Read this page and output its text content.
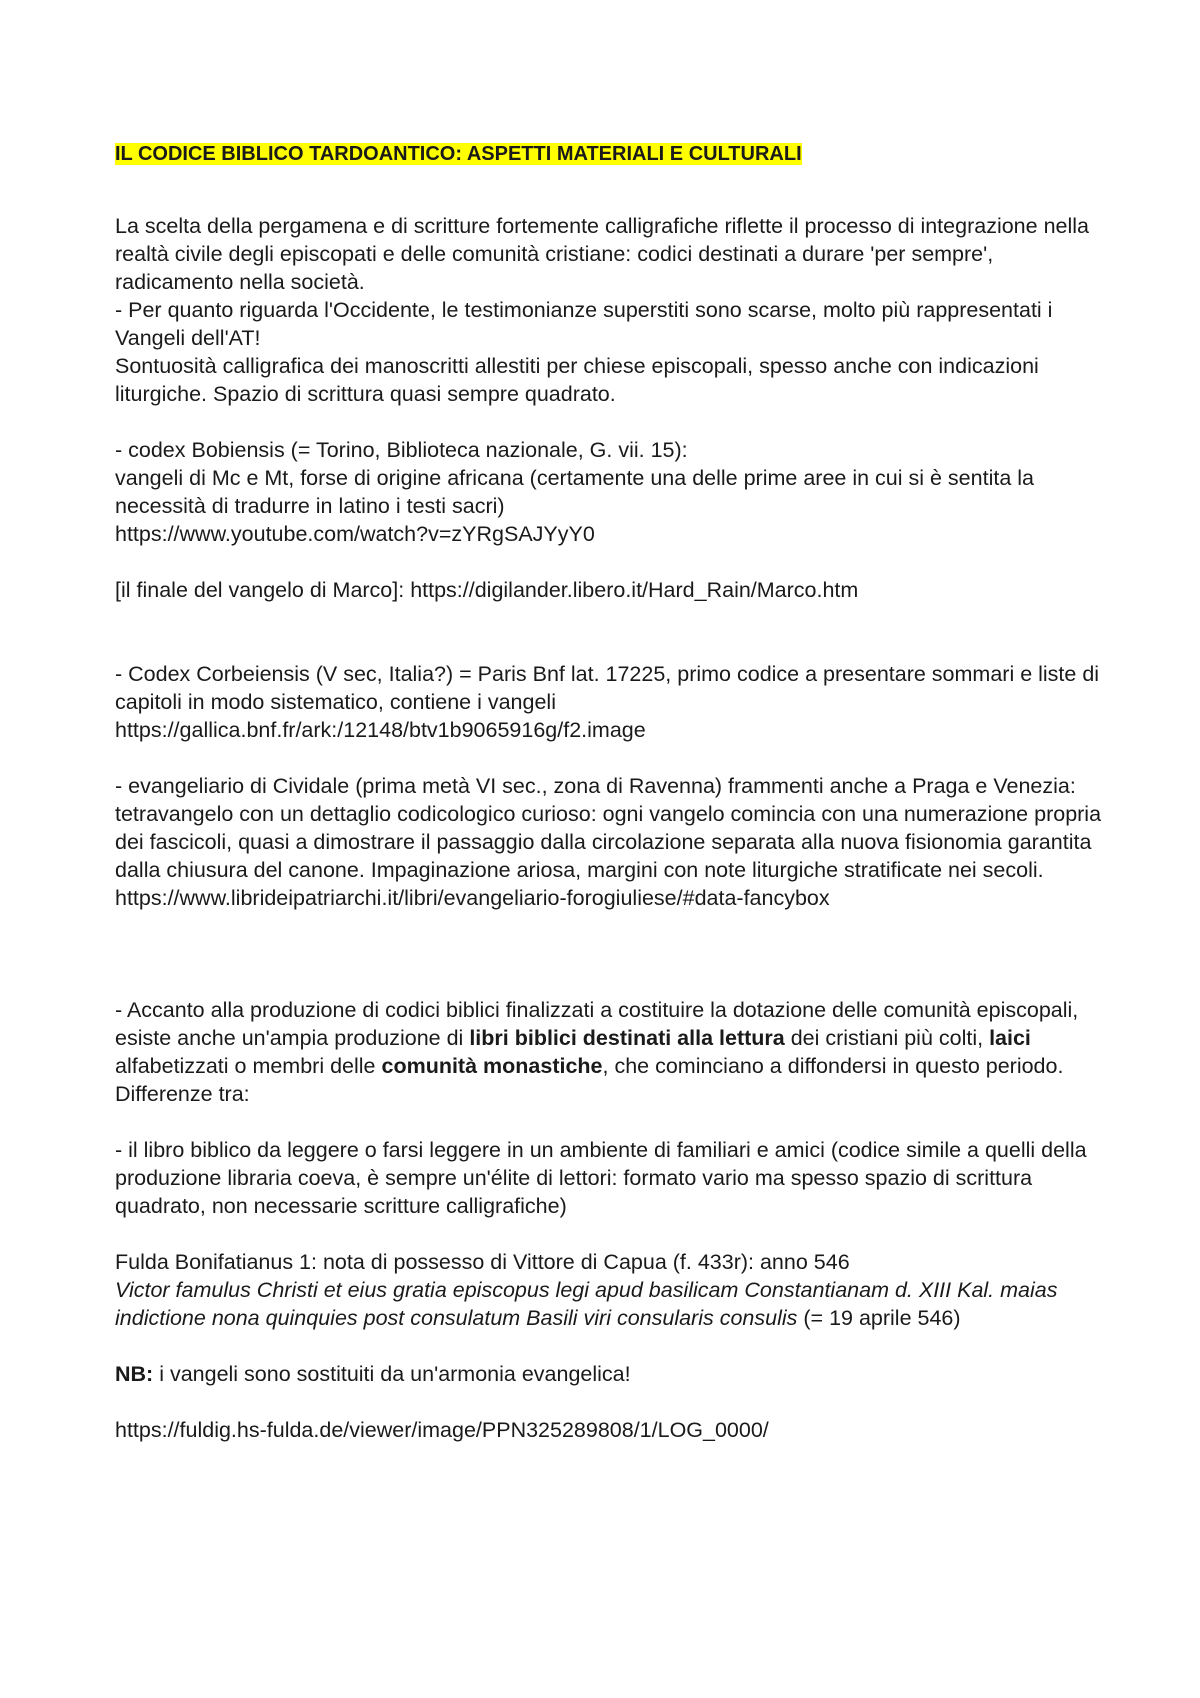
IL CODICE BIBLICO TARDOANTICO: ASPETTI MATERIALI E CULTURALI

La scelta della pergamena e di scritture fortemente calligrafiche riflette il processo di integrazione nella realtà civile degli episcopati e delle comunità cristiane: codici destinati a durare 'per sempre', radicamento nella società.

- Per quanto riguarda l'Occidente, le testimonianze superstiti sono scarse, molto più rappresentati i Vangeli dell'AT!

Sontuosità calligrafica dei manoscritti allestiti per chiese episcopali, spesso anche con indicazioni liturgiche. Spazio di scrittura quasi sempre quadrato.

- codex Bobiensis (= Torino, Biblioteca nazionale, G. vii. 15):

vangeli di Mc e Mt, forse di origine africana (certamente una delle prime aree in cui si è sentita la necessità di tradurre in latino i testi sacri)

https://www.youtube.com/watch?v=zYRgSAJYyY0

[il finale del vangelo di Marco]: https://digilander.libero.it/Hard_Rain/Marco.htm

- Codex Corbeiensis (V sec, Italia?) = Paris Bnf lat. 17225, primo codice a presentare sommari e liste di capitoli in modo sistematico, contiene i vangeli

https://gallica.bnf.fr/ark:/12148/btv1b9065916g/f2.image

- evangeliario di Cividale (prima metà VI sec., zona di Ravenna) frammenti anche a Praga e Venezia: tetravangelo con un dettaglio codicologico curioso: ogni vangelo comincia con una numerazione propria dei fascicoli, quasi a dimostrare il passaggio dalla circolazione separata alla nuova fisionomia garantita dalla chiusura del canone. Impaginazione ariosa, margini con note liturgiche stratificate nei secoli.

https://www.librideipatriarchi.it/libri/evangeliario-forogiuliese/#data-fancybox

- Accanto alla produzione di codici biblici finalizzati a costituire la dotazione delle comunità episcopali, esiste anche un'ampia produzione di libri biblici destinati alla lettura dei cristiani più colti, laici alfabetizzati o membri delle comunità monastiche, che cominciano a diffondersi in questo periodo. Differenze tra:

- il libro biblico da leggere o farsi leggere in un ambiente di familiari e amici (codice simile a quelli della produzione libraria coeva, è sempre un'élite di lettori: formato vario ma spesso spazio di scrittura quadrato, non necessarie scritture calligrafiche)

Fulda Bonifatianus 1: nota di possesso di Vittore di Capua (f. 433r): anno 546

Victor famulus Christi et eius gratia episcopus legi apud basilicam Constantianam d. XIII Kal. maias indictione nona quinquies post consulatum Basili viri consularis consulis (= 19 aprile 546)

NB: i vangeli sono sostituiti da un'armonia evangelica!

https://fuldig.hs-fulda.de/viewer/image/PPN325289808/1/LOG_0000/
